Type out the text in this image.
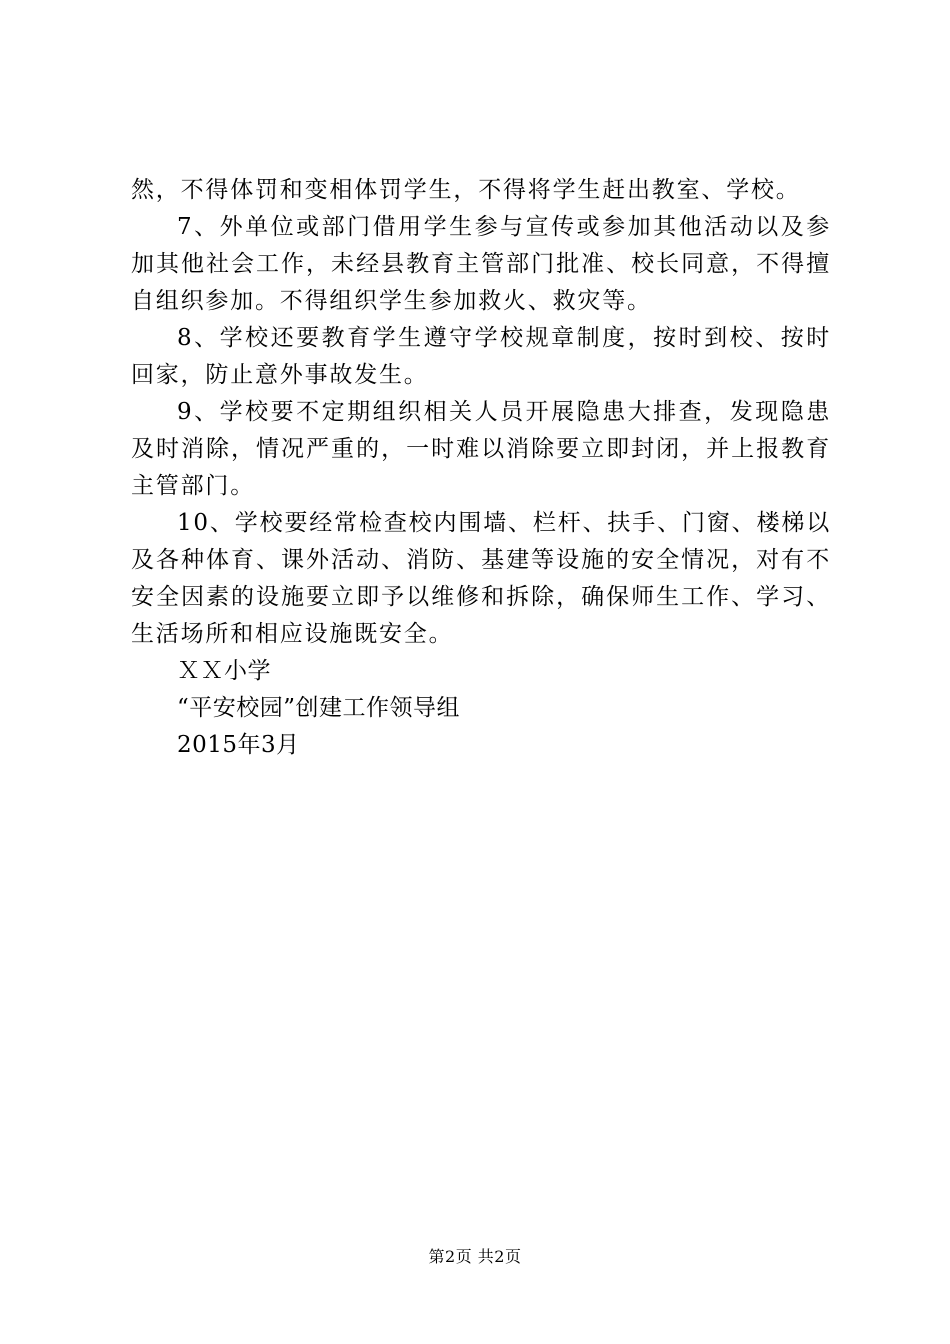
然，不得体罚和变相体罚学生，不得将学生赶出教室、学校。

7、外单位或部门借用学生参与宣传或参加其他活动以及参加其他社会工作，未经县教育主管部门批准、校长同意，不得擅自组织参加。不得组织学生参加救火、救灾等。

8、学校还要教育学生遵守学校规章制度，按时到校、按时回家，防止意外事故发生。

9、学校要不定期组织相关人员开展隐患大排查，发现隐患及时消除，情况严重的，一时难以消除要立即封闭，并上报教育主管部门。

10、学校要经常检查校内围墙、栏杆、扶手、门窗、楼梯以及各种体育、课外活动、消防、基建等设施的安全情况，对有不安全因素的设施要立即予以维修和拆除，确保师生工作、学习、生活场所和相应设施既安全。

ＸＸ小学

“平安校园”创建工作领导组

2015年3月

第2页 共2页
